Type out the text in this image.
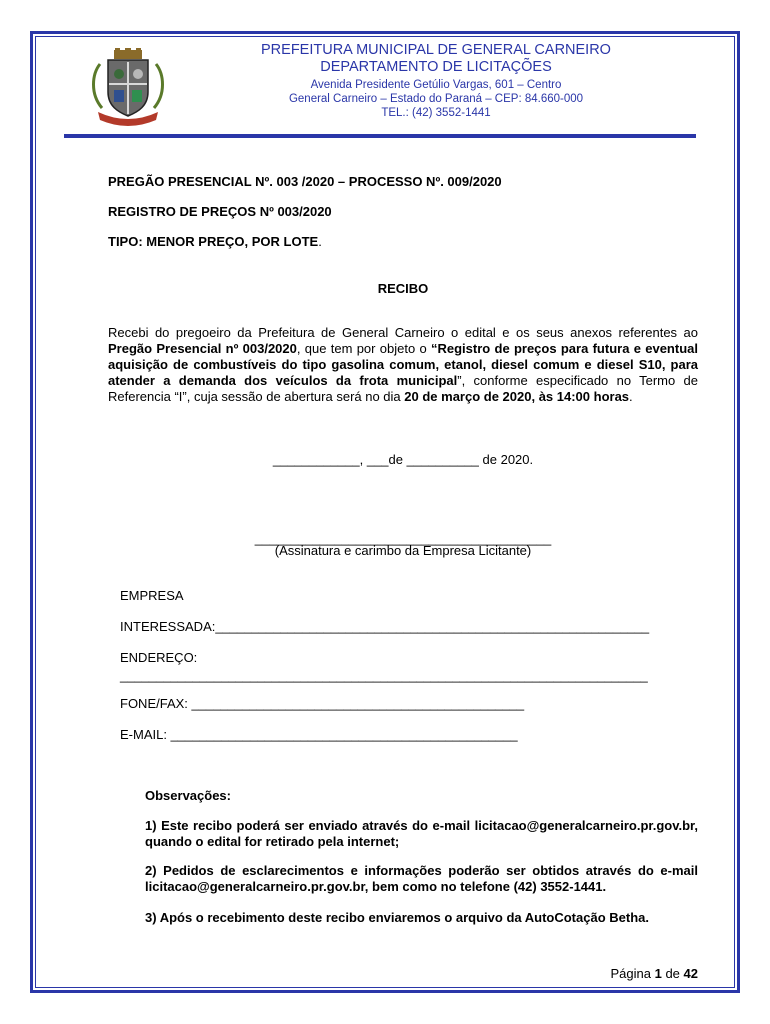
PREFEITURA MUNICIPAL DE GENERAL CARNEIRO
DEPARTAMENTO DE LICITAÇÕES
Avenida Presidente Getúlio Vargas, 601 – Centro
General Carneiro – Estado do Paraná – CEP: 84.660-000
TEL.: (42) 3552-1441
PREGÃO PRESENCIAL Nº. 003 /2020 – PROCESSO Nº. 009/2020
REGISTRO DE PREÇOS Nº 003/2020
TIPO: MENOR PREÇO, POR LOTE.
RECIBO
Recebi do pregoeiro da Prefeitura de General Carneiro o edital e os seus anexos referentes ao Pregão Presencial nº 003/2020, que tem por objeto o “Registro de preços para futura e eventual aquisição de combustíveis do tipo gasolina comum, etanol, diesel comum e diesel S10, para atender a demanda dos veículos da frota municipal”, conforme especificado no Termo de Referencia “I”, cuja sessão de abertura será no dia 20 de março de 2020, às 14:00 horas.
____________, ___de __________ de 2020.
_________________________________________
(Assinatura e carimbo da Empresa Licitante)
EMPRESA
INTERESSADA:____________________________________________________________
ENDEREÇO:
_________________________________________________________________________
FONE/FAX: ______________________________________________
E-MAIL: ________________________________________________
Observações:
1) Este recibo poderá ser enviado através do e-mail licitacao@generalcarneiro.pr.gov.br, quando o edital for retirado pela internet;
2) Pedidos de esclarecimentos e informações poderão ser obtidos através do e-mail licitacao@generalcarneiro.pr.gov.br, bem como no telefone (42) 3552-1441.
3) Após o recebimento deste recibo enviaremos o arquivo da AutoCotação Betha.
Página 1 de 42
